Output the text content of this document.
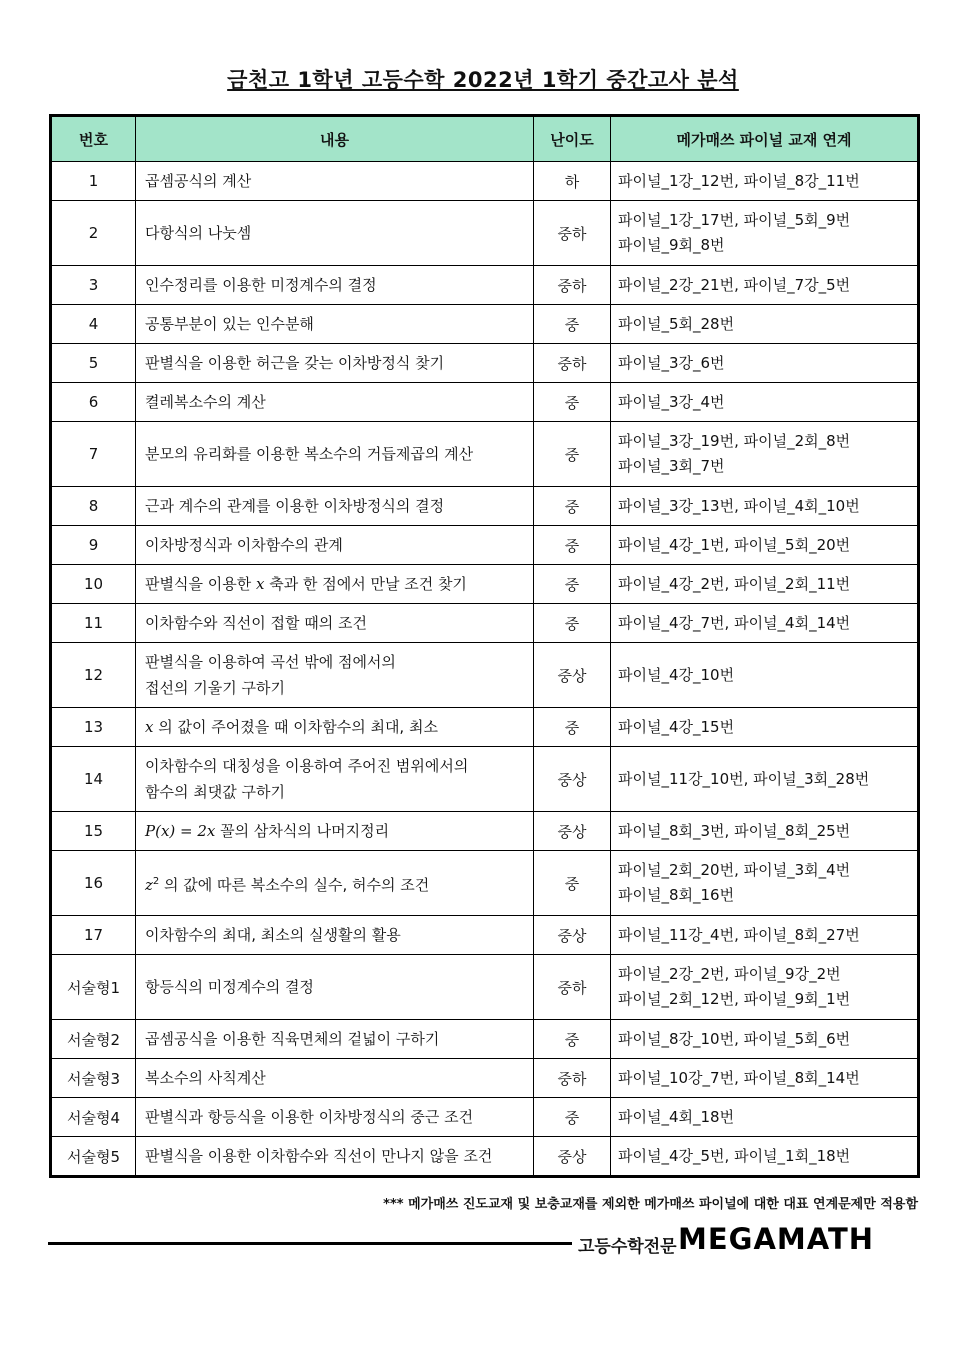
금천고 1학년 고등수학 2022년 1학기 중간고사 분석
번호	내용	난이도	메가매쓰 파이널 교재 연계
1	곱셈공식의 계산	하	파이널_1강_12번, 파이널_8강_11번

2	다항식의 나눗셈	중하	파이널_1강_17번, 파이널_5회_9번
파이널_9회_8번

3	인수정리를 이용한 미정계수의 결정	중하	파이널_2강_21번, 파이널_7강_5번

4	공통부분이 있는 인수분해	중	파이널_5회_28번

5	판별식을 이용한 허근을 갖는 이차방정식 찾기	중하	파이널_3강_6번

6	켤레복소수의 계산	중	파이널_3강_4번

7	분모의 유리화를 이용한 복소수의 거듭제곱의 계산	중	파이널_3강_19번, 파이널_2회_8번
파이널_3회_7번

8	근과 계수의 관계를 이용한 이차방정식의 결정	중	파이널_3강_13번, 파이널_4회_10번

9	이차방정식과 이차함수의 관계	중	파이널_4강_1번, 파이널_5회_20번

10	판별식을 이용한 x 축과 한 점에서 만날 조건 찾기	중	파이널_4강_2번, 파이널_2회_11번

11	이차함수와 직선이 접할 때의 조건	중	파이널_4강_7번, 파이널_4회_14번

12	판별식을 이용하여 곡선 밖에 점에서의
접선의 기울기 구하기	중상	파이널_4강_10번

13	x 의 값이 주어졌을 때 이차함수의 최대, 최소	중	파이널_4강_15번

14	이차함수의 대칭성을 이용하여 주어진 범위에서의
함수의 최댓값 구하기	중상	파이널_11강_10번, 파이널_3회_28번

15	P(x) = 2x 꼴의 삼차식의 나머지정리	중상	파이널_8회_3번, 파이널_8회_25번

16	$z^2$ 의 값에 따른 복소수의 실수, 허수의 조건	중	파이널_2회_20번, 파이널_3회_4번
파이널_8회_16번

17	이차함수의 최대, 최소의 실생활의 활용	중상	파이널_11강_4번, 파이널_8회_27번

서술형1	항등식의 미정계수의 결정	중하	파이널_2강_2번, 파이널_9강_2번
파이널_2회_12번, 파이널_9회_1번

서술형2	곱셈공식을 이용한 직육면체의 겉넓이 구하기	중	파이널_8강_10번, 파이널_5회_6번

서술형3	복소수의 사칙계산	중하	파이널_10강_7번, 파이널_8회_14번

서술형4	판별식과 항등식을 이용한 이차방정식의 중근 조건	중	파이널_4회_18번

서술형5	판별식을 이용한 이차함수와 직선이 만나지 않을 조건	중상	파이널_4강_5번, 파이널_1회_18번
*** 메가매쓰 진도교재 및 보충교재를 제외한 메가매쓰 파이널에 대한 대표 연계문제만 적용함
고등수학전문 MEGAMATH
